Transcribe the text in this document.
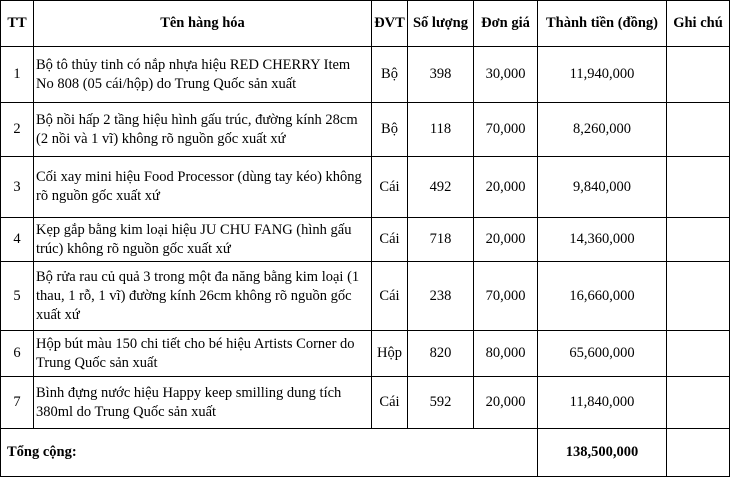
TT	Tên hàng hóa	ĐVT	Số lượng	Đơn giá	Thành tiền (đồng)	Ghi chú
1	Bộ tô thủy tinh có nắp nhựa hiệu RED CHERRY Item No 808 (05 cái/hộp) do Trung Quốc sản xuất	Bộ	398	30,000	11,940,000	
2	Bộ nồi hấp 2 tầng hiệu hình gấu trúc, đường kính 28cm (2 nồi và 1 vĩ) không rõ nguồn gốc xuất xứ	Bộ	118	70,000	8,260,000	
3	Cối xay mini hiệu Food Processor (dùng tay kéo) không rõ nguồn gốc xuất xứ	Cái	492	20,000	9,840,000	
4	Kẹp gắp bằng kim loại hiệu JU CHU FANG (hình gấu trúc) không rõ nguồn gốc xuất xứ	Cái	718	20,000	14,360,000	
5	Bộ rửa rau củ quả 3 trong một đa năng bằng kim loại (1 thau, 1 rỗ, 1 vĩ) đường kính 26cm không rõ nguồn gốc xuất xứ	Cái	238	70,000	16,660,000	
6	Hộp bút màu 150 chi tiết cho bé hiệu Artists Corner do Trung Quốc sản xuất	Hộp	820	80,000	65,600,000	
7	Bình đựng nước hiệu Happy keep smilling dung tích 380ml do Trung Quốc sản xuất	Cái	592	20,000	11,840,000	
Tổng cộng:					138,500,000	
